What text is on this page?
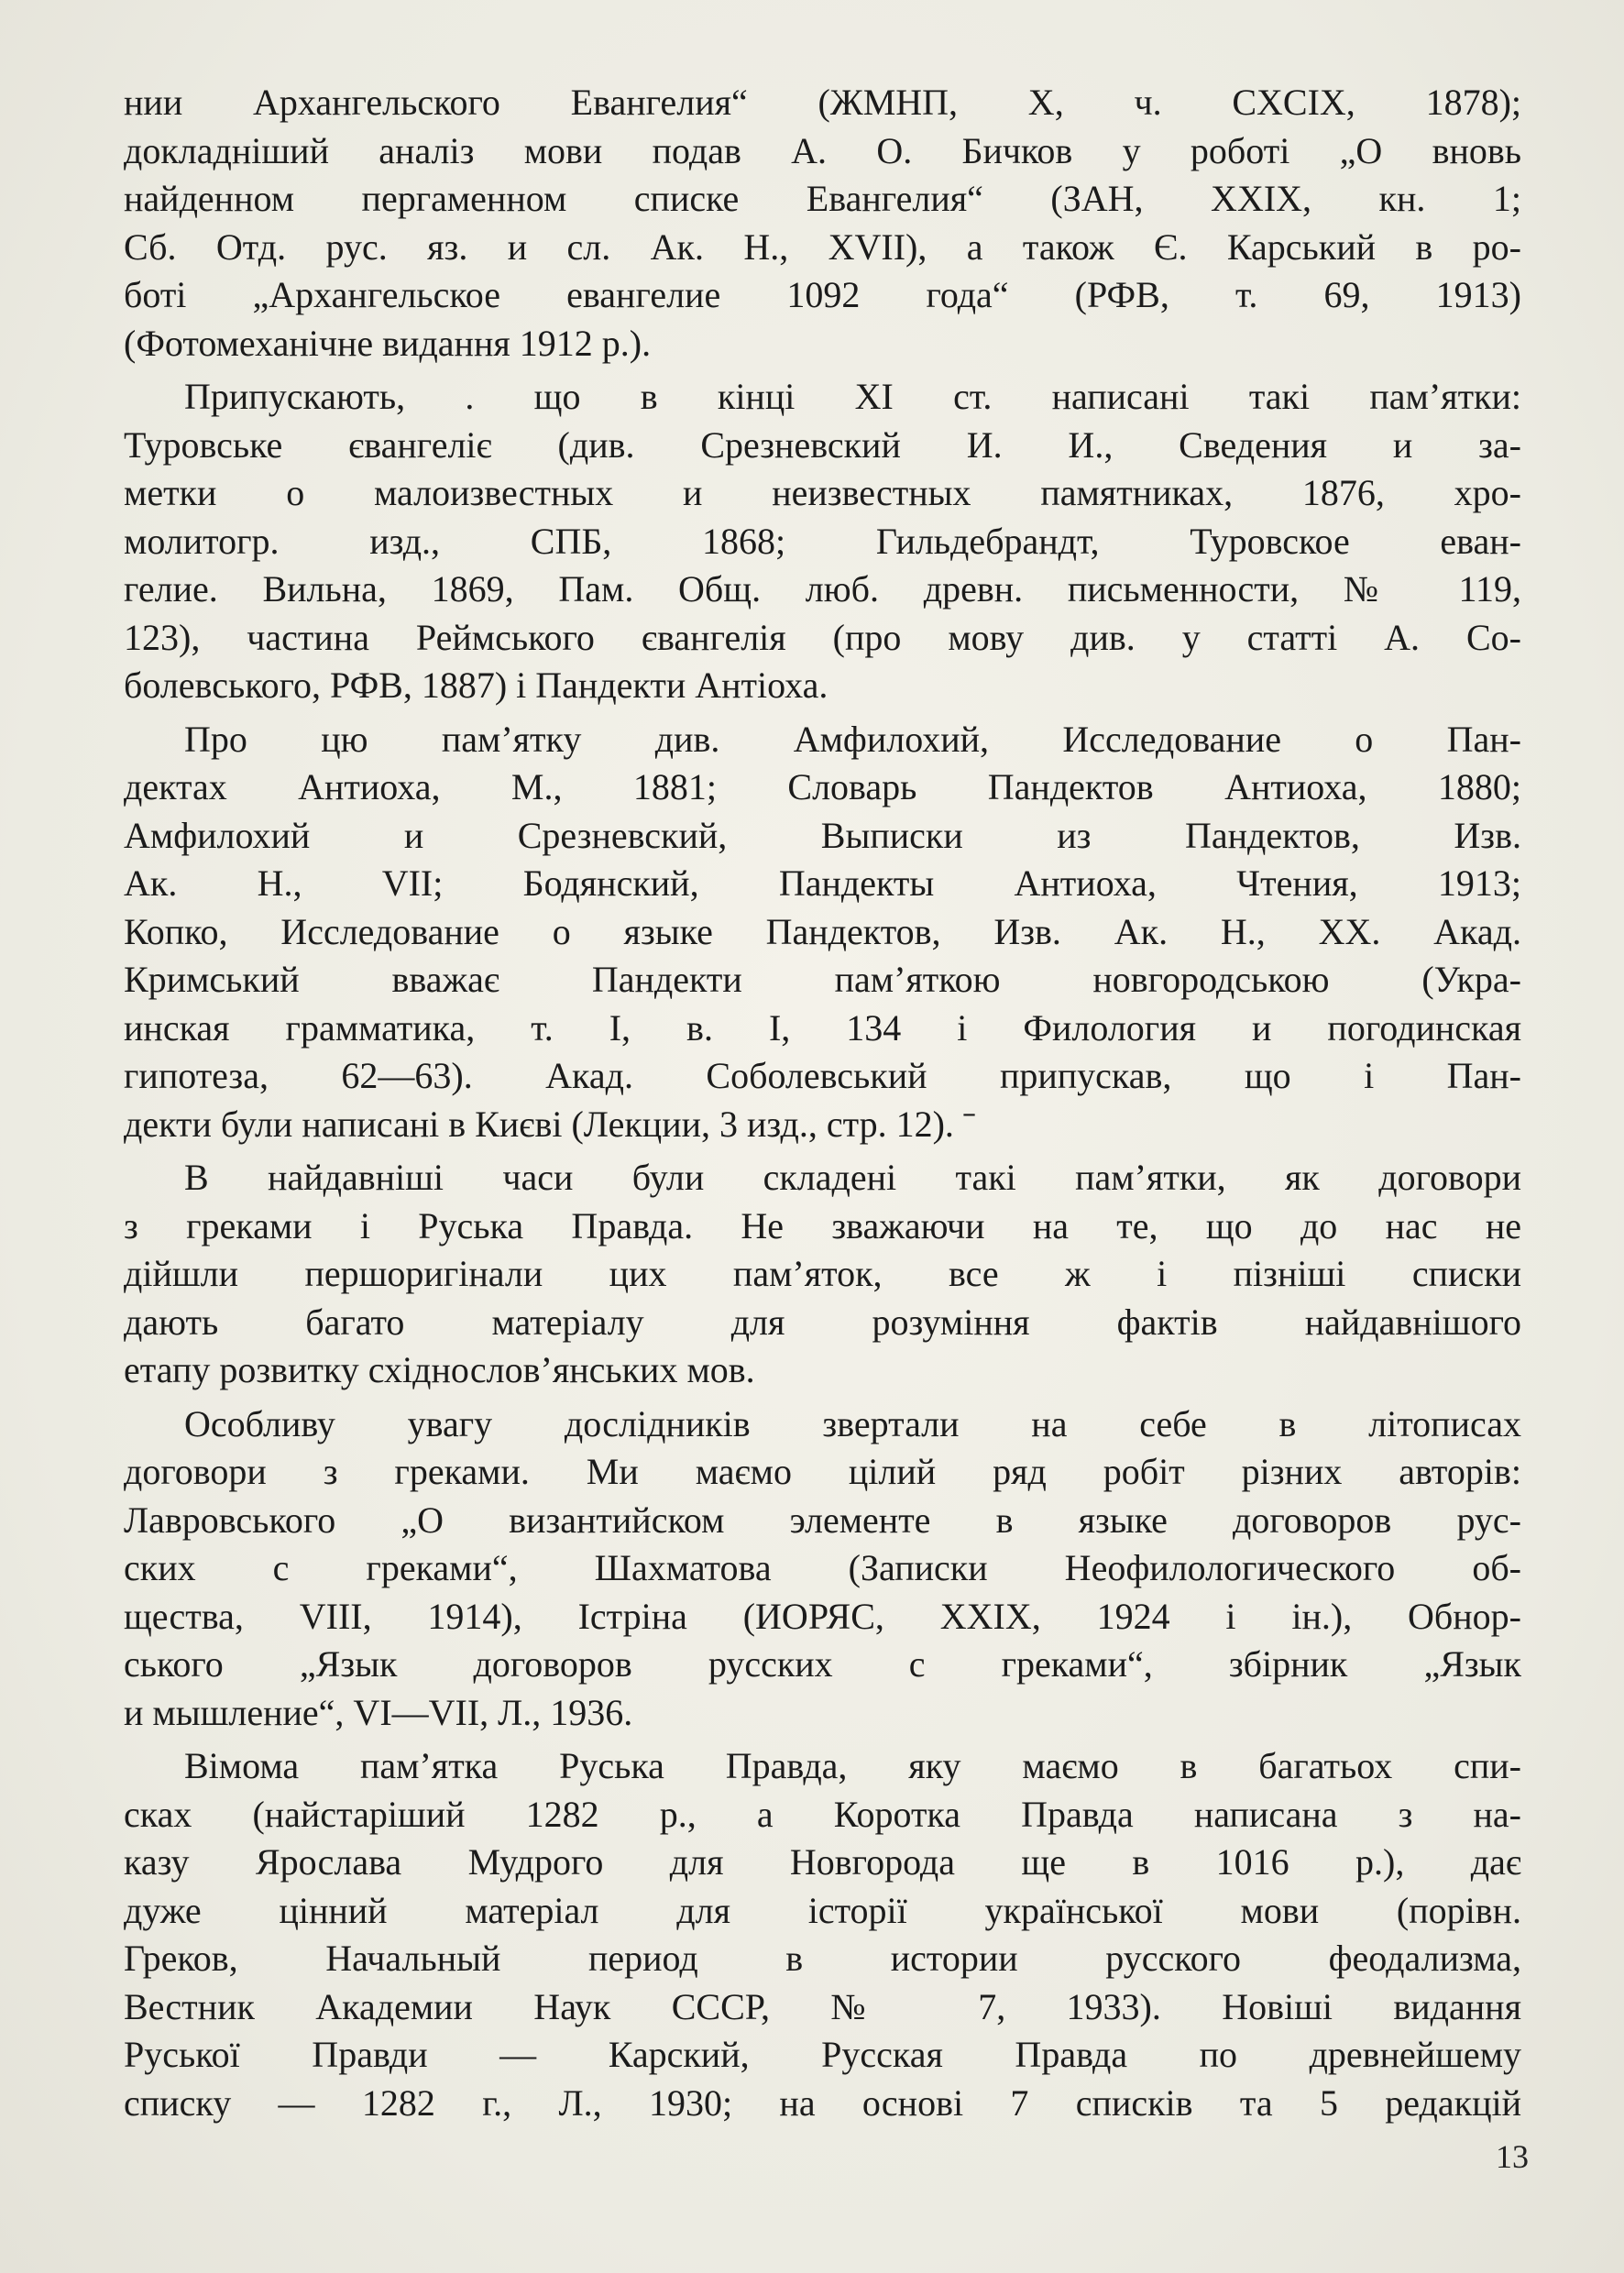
нии Архангельского Евангелия“ (ЖМНП, X, ч. CXCIX, 1878);
докладніший аналіз мови подав А. О. Бичков у роботі „О вновь
найденном пергаменном списке Евангелия“ (ЗАН, XXIX, кн. 1;
Сб. Отд. рус. яз. и сл. Ак. Н., XVII), а також Є. Карський в ро-
боті „Архангельское евангелие 1092 года“ (РФВ, т. 69, 1913)
(Фотомеханічне видання 1912 р.).
Припускають, . що в кінці XI ст. написані такі пам’ятки:
Туровське євангеліє (див. Срезневский И. И., Сведения и за-
метки о малоизвестных и неизвестных памятниках, 1876, хро-
молитогр. изд., СПБ, 1868; Гильдебрандт, Туровское еван-
гелие. Вильна, 1869, Пам. Общ. люб. древн. письменности, № 119,
123), частина Реймського євангелія (про мову див. у статті А. Со-
болевського, РФВ, 1887) і Пандекти Антіоха.
Про цю пам’ятку див. Амфилохий, Исследование о Пан-
дектах Антиоха, М., 1881; Словарь Пандектов Антиоха, 1880;
Амфилохий и Срезневский, Выписки из Пандектов, Изв.
Ак. Н., VII; Бодянский, Пандекты Антиоха, Чтения, 1913;
Копко, Исследование о языке Пандектов, Изв. Ак. Н., XX. Акад.
Кримський вважає Пандекти пам’яткою новгородською (Укра-
инская грамматика, т. I, в. I, 134 і Филология и погодинская
гипотеза, 62—63). Акад. Соболевський припускав, що і Пан-
декти були написані в Києві (Лекции, 3 изд., стр. 12). ˉ
В найдавніші часи були складені такі пам’ятки, як договори
з греками і Руська Правда. Не зважаючи на те, що до нас не
дійшли першоригінали цих пам’яток, все ж і пізніші списки
дають багато матеріалу для розуміння фактів найдавнішого
етапу розвитку східнослов’янських мов.
Особливу увагу дослідників звертали на себе в літописах
договори з греками. Ми маємо цілий ряд робіт різних авторів:
Лавровського „О византийском элементе в языке договоров рус-
ских с греками“, Шахматова (Записки Неофилологического об-
щества, VIII, 1914), Істріна (ИОРЯС, XXIX, 1924 і ін.), Обнор-
ського „Язык договоров русских с греками“, збірник „Язык
и мышление“, VI—VII, Л., 1936.
Вімома пам’ятка Руська Правда, яку маємо в багатьох спи-
сках (найстаріший 1282 р., а Коротка Правда написана з на-
казу Ярослава Мудрого для Новгорода ще в 1016 р.), дає
дуже цінний матеріал для історії української мови (порівн.
Греков, Начальный период в истории русского феодализма,
Вестник Академии Наук СССР, № 7, 1933). Новіші видання
Руської Правди — Карский, Русская Правда по древнейшему
списку — 1282 г., Л., 1930; на основі 7 списків та 5 редакцій
13
